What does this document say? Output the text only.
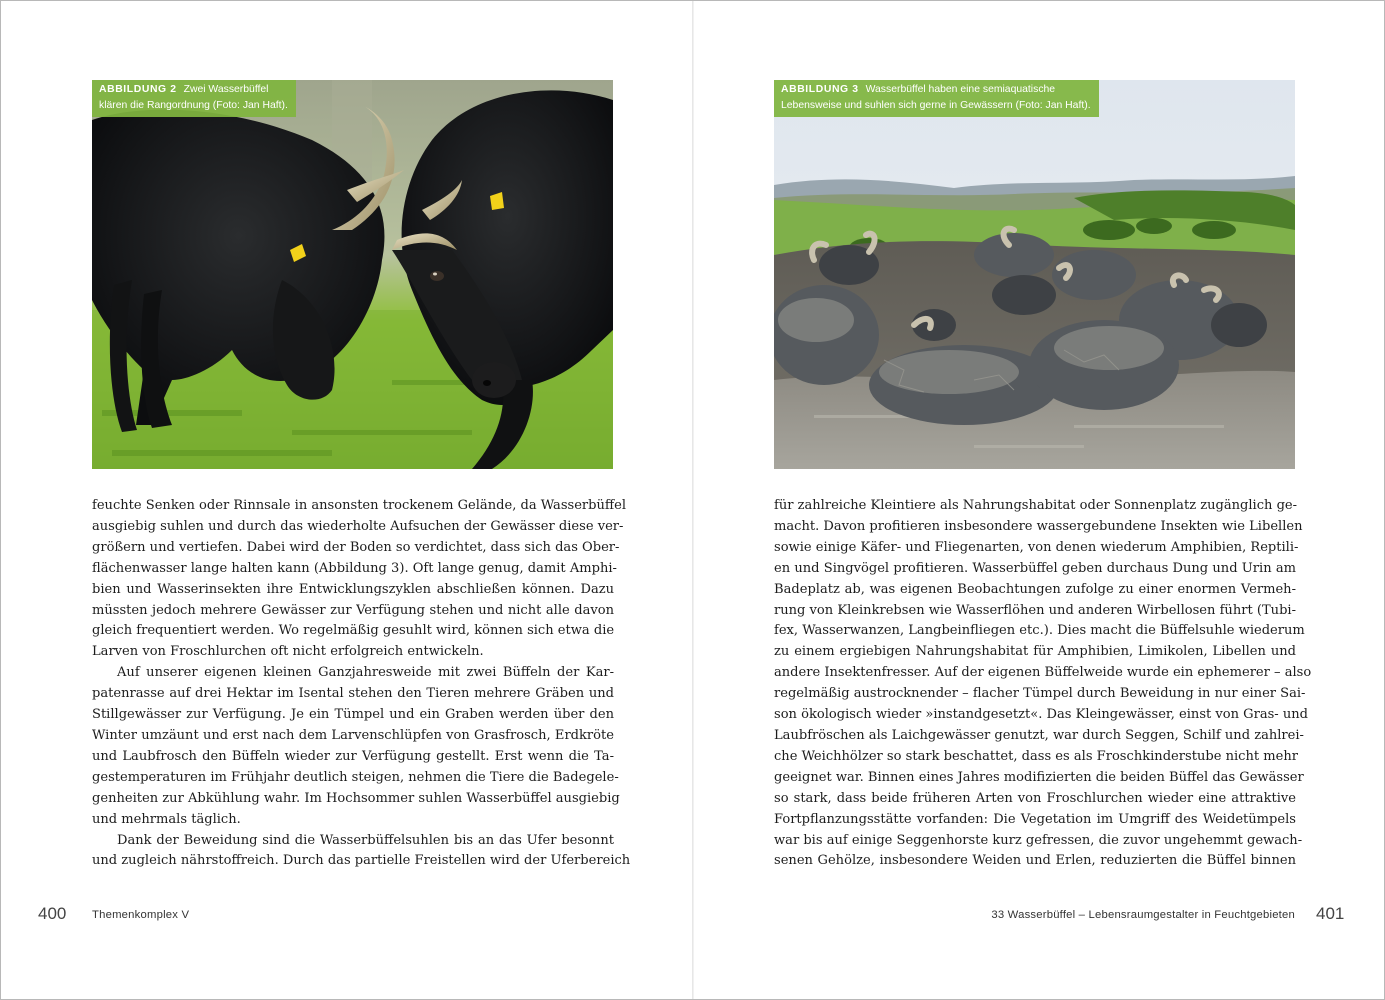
ABBILDUNG 2 Zwei Wasserbüffel
klären die Rangordnung (Foto: Jan Haft).

feuchte Senken oder Rinnsale in ansonsten trockenem Gelände, da Wasserbüffel

ausgiebig suhlen und durch das wiederholte Aufsuchen der Gewässer diese ver-

größern und vertiefen. Dabei wird der Boden so verdichtet, dass sich das Ober-

flächenwasser lange halten kann (Abbildung 3). Oft lange genug, damit Amphi-

bien und Wasserinsekten ihre Entwicklungszyklen abschließen können. Dazu

müssten jedoch mehrere Gewässer zur Verfügung stehen und nicht alle davon

gleich frequentiert werden. Wo regelmäßig gesuhlt wird, können sich etwa die

Larven von Froschlurchen oft nicht erfolgreich entwickeln.

Auf unserer eigenen kleinen Ganzjahresweide mit zwei Büffeln der Kar-

patenrasse auf drei Hektar im Isental stehen den Tieren mehrere Gräben und

Stillgewässer zur Verfügung. Je ein Tümpel und ein Graben werden über den

Winter umzäunt und erst nach dem Larvenschlüpfen von Grasfrosch, Erdkröte

und Laubfrosch den Büffeln wieder zur Verfügung gestellt. Erst wenn die Ta-

gestemperaturen im Frühjahr deutlich steigen, nehmen die Tiere die Badegele-

genheiten zur Abkühlung wahr. Im Hochsommer suhlen Wasserbüffel ausgiebig

und mehrmals täglich.

Dank der Beweidung sind die Wasserbüffelsuhlen bis an das Ufer besonnt

und zugleich nährstoffreich. Durch das partielle Freistellen wird der Uferbereich

400 Themenkomplex V
ABBILDUNG 3 Wasserbüffel haben eine semiaquatische
Lebensweise und suhlen sich gerne in Gewässern (Foto: Jan Haft).

für zahlreiche Kleintiere als Nahrungshabitat oder Sonnenplatz zugänglich ge-

macht. Davon profitieren insbesondere wassergebundene Insekten wie Libellen

sowie einige Käfer- und Fliegenarten, von denen wiederum Amphibien, Reptili-

en und Singvögel profitieren. Wasserbüffel geben durchaus Dung und Urin am

Badeplatz ab, was eigenen Beobachtungen zufolge zu einer enormen Vermeh-

rung von Kleinkrebsen wie Wasserflöhen und anderen Wirbellosen führt (Tubi-

fex, Wasserwanzen, Langbeinfliegen etc.). Dies macht die Büffelsuhle wiederum

zu einem ergiebigen Nahrungshabitat für Amphibien, Limikolen, Libellen und

andere Insektenfresser. Auf der eigenen Büffelweide wurde ein ephemerer – also

regelmäßig austrocknender – flacher Tümpel durch Beweidung in nur einer Sai-

son ökologisch wieder »instandgesetzt«. Das Kleingewässer, einst von Gras- und

Laubfröschen als Laichgewässer genutzt, war durch Seggen, Schilf und zahlrei-

che Weichhölzer so stark beschattet, dass es als Froschkinderstube nicht mehr

geeignet war. Binnen eines Jahres modifizierten die beiden Büffel das Gewässer

so stark, dass beide früheren Arten von Froschlurchen wieder eine attraktive

Fortpflanzungsstätte vorfanden: Die Vegetation im Umgriff des Weidetümpels

war bis auf einige Seggenhorste kurz gefressen, die zuvor ungehemmt gewach-

senen Gehölze, insbesondere Weiden und Erlen, reduzierten die Büffel binnen

33 Wasserbüffel – Lebensraumgestalter in Feuchtgebieten 401
